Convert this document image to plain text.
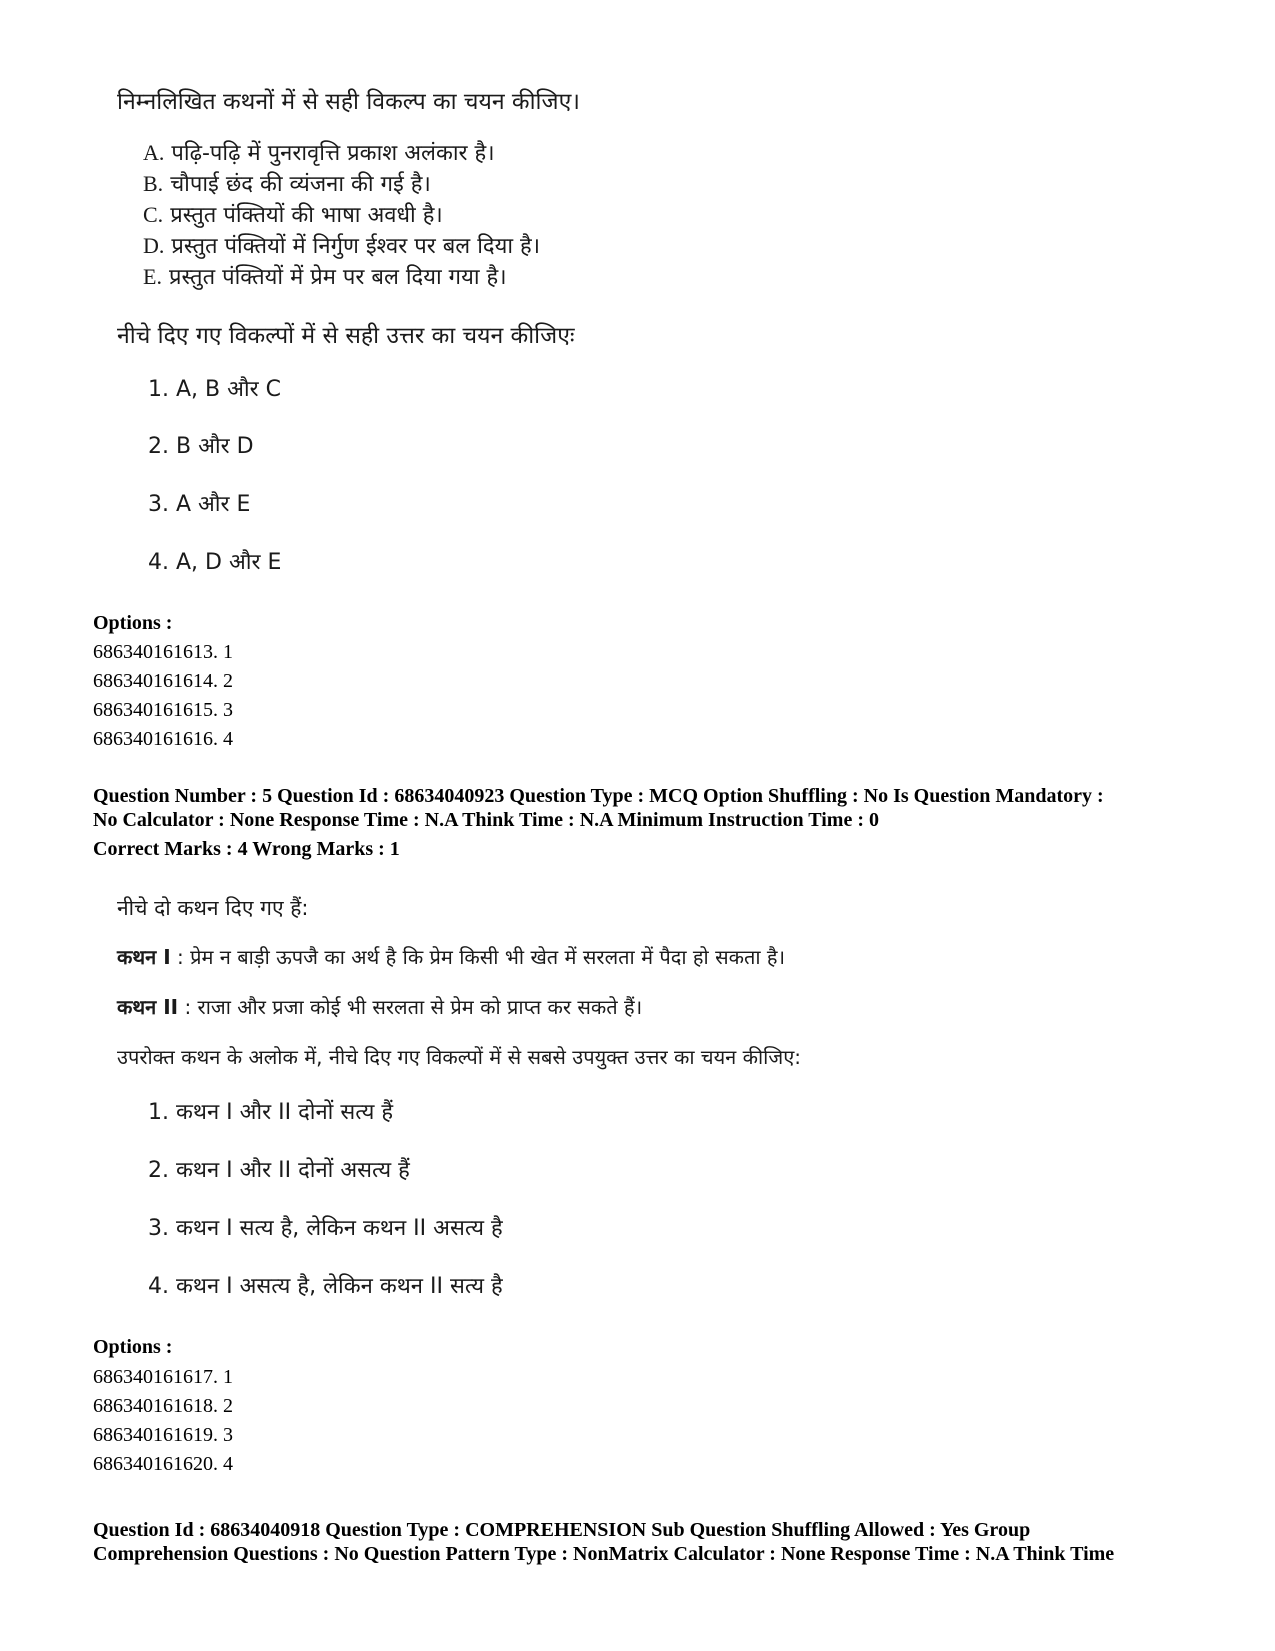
निम्नलिखित कथनों में से सही विकल्प का चयन कीजिए।
A. पढ़ि-पढ़ि में पुनरावृत्ति प्रकाश अलंकार है।
B. चौपाई छंद की व्यंजना की गई है।
C. प्रस्तुत पंक्तियों की भाषा अवधी है।
D. प्रस्तुत पंक्तियों में निर्गुण ईश्वर पर बल दिया है।
E. प्रस्तुत पंक्तियों में प्रेम पर बल दिया गया है।
नीचे दिए गए विकल्पों में से सही उत्तर का चयन कीजिएः
1. A, B और C
2. B और D
3. A और E
4. A, D और E
Options :
686340161613. 1
686340161614. 2
686340161615. 3
686340161616. 4
Question Number : 5 Question Id : 68634040923 Question Type : MCQ Option Shuffling : No Is Question Mandatory :
No Calculator : None Response Time : N.A Think Time : N.A Minimum Instruction Time : 0
Correct Marks : 4 Wrong Marks : 1
नीचे दो कथन दिए गए हैं:
कथन I : प्रेम न बाड़ी ऊपजै का अर्थ है कि प्रेम किसी भी खेत में सरलता में पैदा हो सकता है।
कथन II : राजा और प्रजा कोई भी सरलता से प्रेम को प्राप्त कर सकते हैं।
उपरोक्त कथन के अलोक में, नीचे दिए गए विकल्पों में से सबसे उपयुक्त उत्तर का चयन कीजिए:
1. कथन I और II दोनों सत्य हैं
2. कथन I और II दोनों असत्य हैं
3. कथन I सत्य है, लेकिन कथन II असत्य है
4. कथन I असत्य है, लेकिन कथन II सत्य है
Options :
686340161617. 1
686340161618. 2
686340161619. 3
686340161620. 4
Question Id : 68634040918 Question Type : COMPREHENSION Sub Question Shuffling Allowed : Yes Group
Comprehension Questions : No Question Pattern Type : NonMatrix Calculator : None Response Time : N.A Think Time
